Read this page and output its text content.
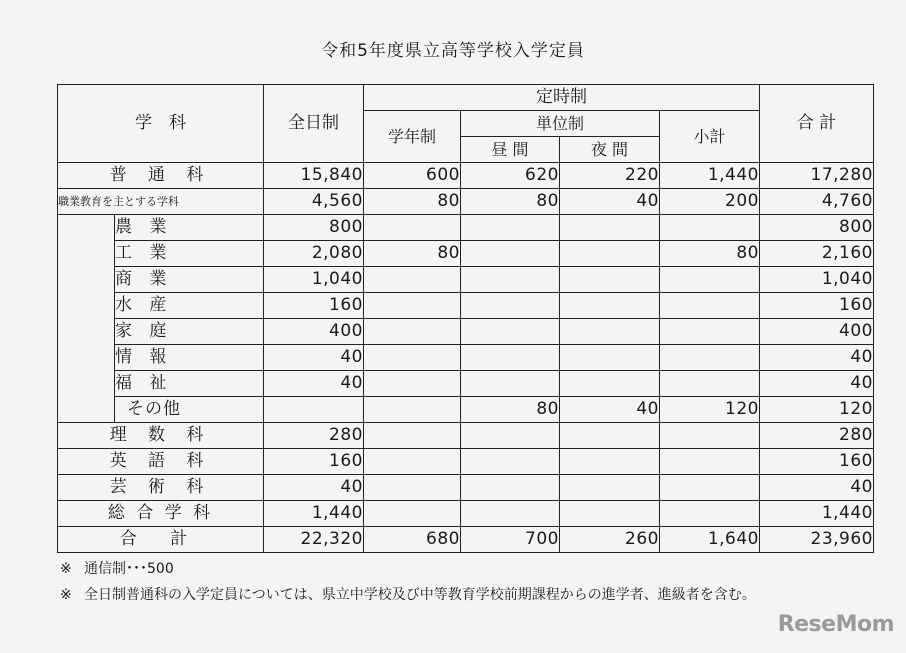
令和5年度県立高等学校入学定員
学　科		全日制	定時制				合 計
			学年制	単位制		小計	
				昼 間	夜 間		
普 通 科		15,840	600	620	220	1,440	17,280
職業教育を主とする学科		4,560	80	80	40	200	4,760
	農 業	800					800
	工 業	2,080	80			80	2,160
	商 業	1,040					1,040
	水 産	160					160
	家 庭	400					400
	情 報	40					40
	福 祉	40					40
	その他			80	40	120	120
理 数 科		280					280
英 語 科		160					160
芸 術 科		40					40
総 合 学 科		1,440					1,440
合 計		22,320	680	700	260	1,640	23,960
※ 通信制･･･500
※ 全日制普通科の入学定員については、県立中学校及び中等教育学校前期課程からの進学者、進級者を含む。
ReseMom
